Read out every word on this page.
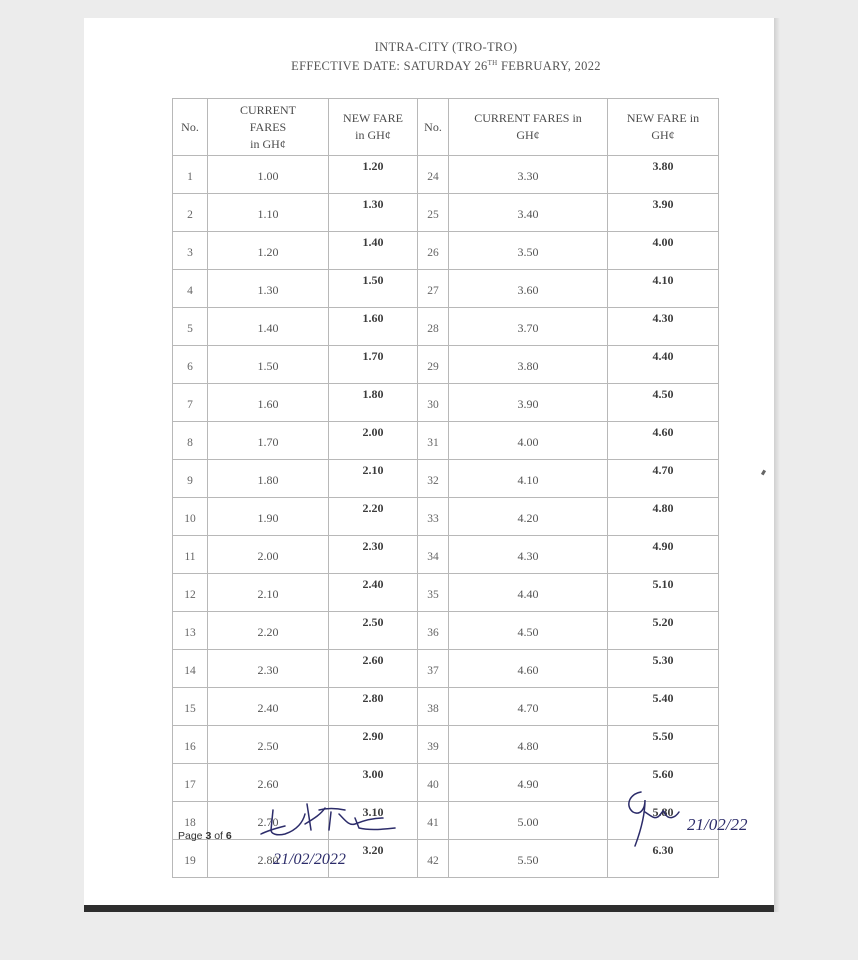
INTRA-CITY (TRO-TRO)
EFFECTIVE DATE: SATURDAY 26TH FEBRUARY, 2022
No.	CURRENT
FARES
in GH¢	NEW FARE
in GH¢	No.	CURRENT FARES in
GH¢	NEW FARE in
GH¢

1	1.00	1.20	24	3.30	3.80
2	1.10	1.30	25	3.40	3.90
3	1.20	1.40	26	3.50	4.00
4	1.30	1.50	27	3.60	4.10
5	1.40	1.60	28	3.70	4.30
6	1.50	1.70	29	3.80	4.40
7	1.60	1.80	30	3.90	4.50
8	1.70	2.00	31	4.00	4.60
9	1.80	2.10	32	4.10	4.70
10	1.90	2.20	33	4.20	4.80
11	2.00	2.30	34	4.30	4.90
12	2.10	2.40	35	4.40	5.10
13	2.20	2.50	36	4.50	5.20
14	2.30	2.60	37	4.60	5.30
15	2.40	2.80	38	4.70	5.40
16	2.50	2.90	39	4.80	5.50
17	2.60	3.00	40	4.90	5.60
18	2.70	3.10	41	5.00	5.80
19	2.80	3.20	42	5.50	6.30
Page 3 of 6
21/02/2022
21/02/22
